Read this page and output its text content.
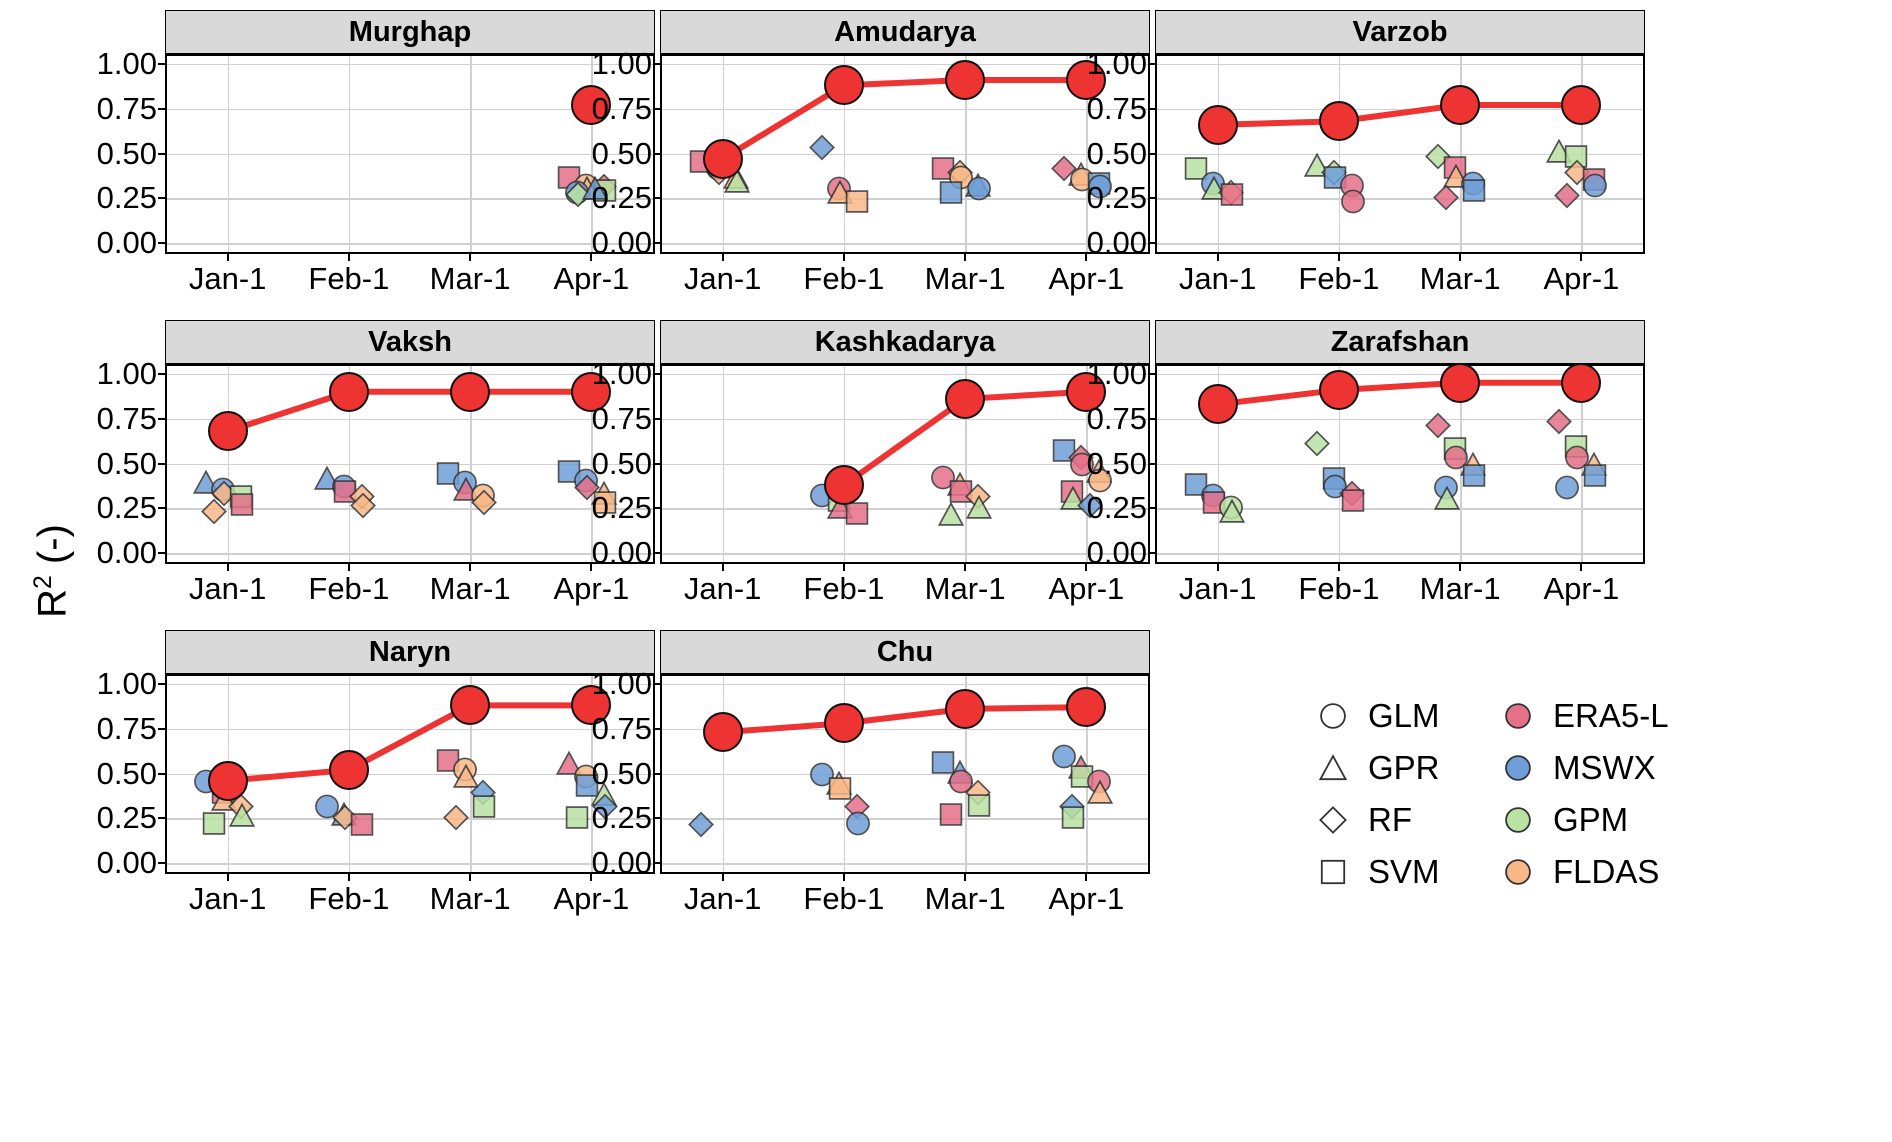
$R^2$ (-)
Murghap
Jan-1 Feb-1 Mar-1 Apr-1
0.00
0.25
0.50
0.75
1.00
Amudarya
Jan-1 Feb-1 Mar-1 Apr-1
0.00
0.25
0.50
0.75
1.00
Varzob
Jan-1 Feb-1 Mar-1 Apr-1
0.00
0.25
0.50
0.75
1.00
Vaksh
Jan-1 Feb-1 Mar-1 Apr-1
0.00
0.25
0.50
0.75
1.00
Kashkadarya
Jan-1 Feb-1 Mar-1 Apr-1
0.00
0.25
0.50
0.75
1.00
Zarafshan
Jan-1 Feb-1 Mar-1 Apr-1
0.00
0.25
0.50
0.75
1.00
Naryn
Jan-1 Feb-1 Mar-1 Apr-1
0.00
0.25
0.50
0.75
1.00
Chu
Jan-1 Feb-1 Mar-1 Apr-1
0.00
0.25
0.50
0.75
1.00
GLM
GPR
RF
SVM
ERA5-L
MSWX
GPM
FLDAS
